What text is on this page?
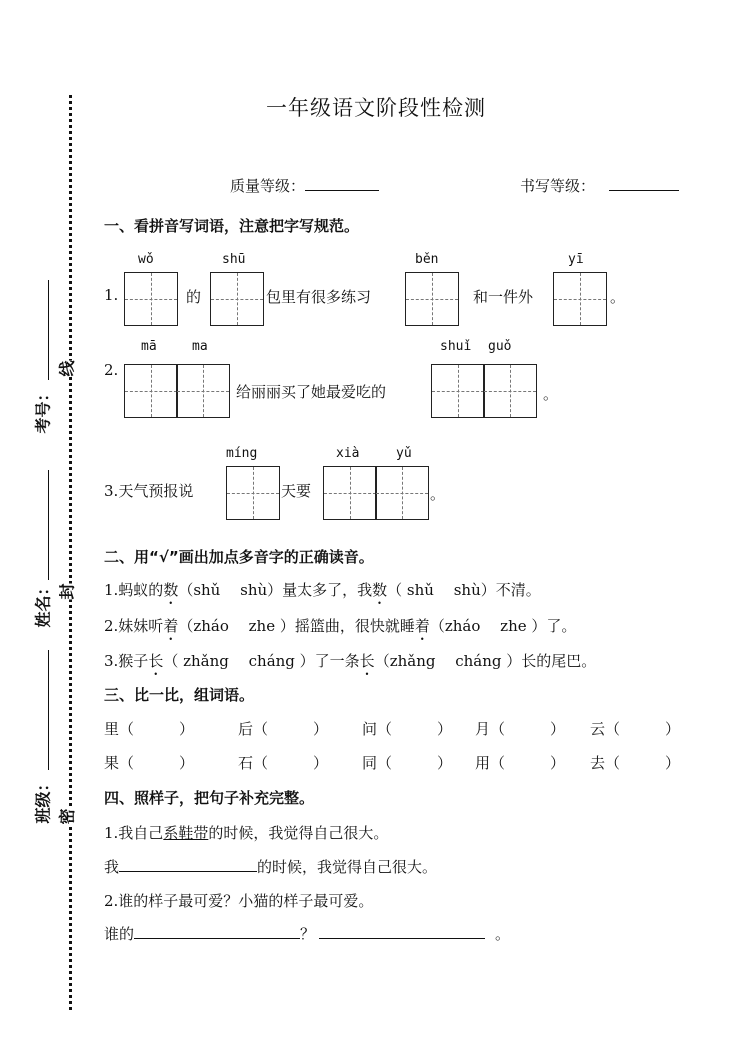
考号：
姓名：
班级：
线
封
密
一年级语文阶段性检测
质量等级：	书写等级：
一、看拼音写词语，注意把字写规范。
wǒ	shū	běn	yī
1.	的	包里有很多练习	和一件外	。
mā	ma	shuǐ guǒ
2.
给丽丽买了她最爱吃的	。
míng	xià	yǔ
3.天气预报说	天要	。
二、用“√”画出加点多音字的正确读音。
1.蚂蚁的数（shǔ　 shù）量太多了，我数（ shǔ　 shù）不清。
2.妹妹听着（zháo　 zhe ）摇篮曲，很快就睡着（zháo　 zhe ）了。
3.猴子长（ zhǎng　 cháng ）了一条长（zhǎng　 cháng ）长的尾巴。
三、比一比，组词语。
里（　　　）	后（　　　） 问（　　　） 月（　　　） 云（　　　）
果（　　　）	石（　　　） 同（　　　） 用（　　　） 去（　　　）
四、照样子，把句子补充完整。
1.我自己系鞋带的时候，我觉得自己很大。
我	的时候，我觉得自己很大。
2.谁的样子最可爱？小猫的样子最可爱。
谁的	？	。
